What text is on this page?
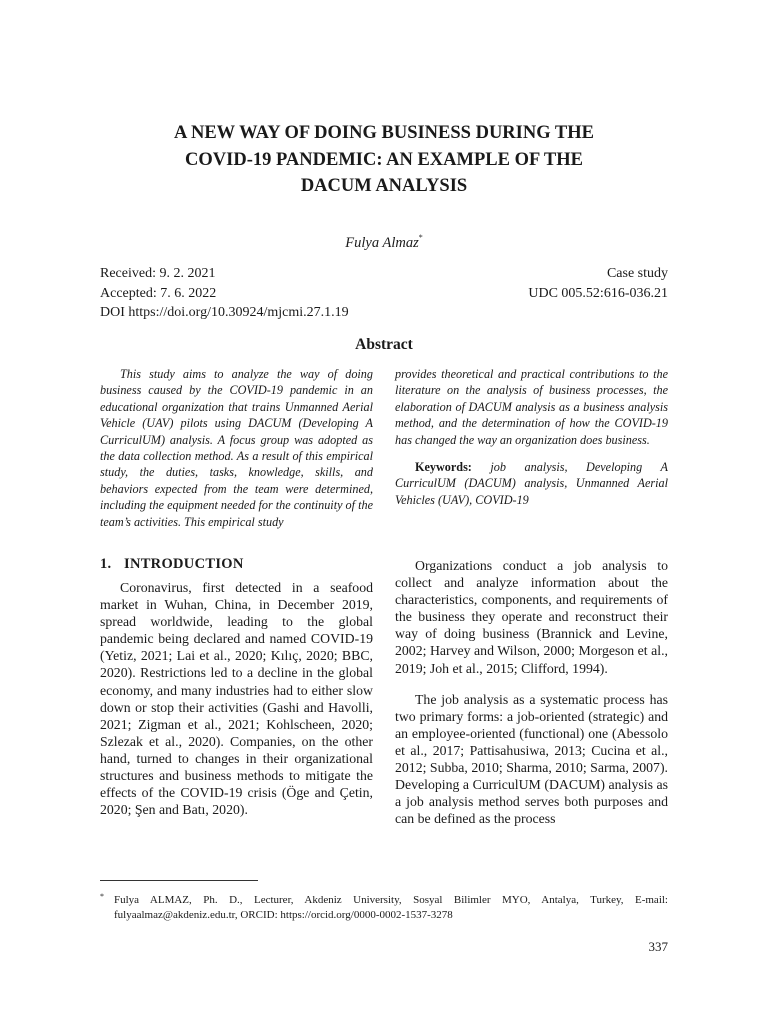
A NEW WAY OF DOING BUSINESS DURING THE
COVID-19 PANDEMIC: AN EXAMPLE OF THE
DACUM ANALYSIS
Fulya Almaz*
Received: 9. 2. 2021
Accepted: 7. 6. 2022
DOI https://doi.org/10.30924/mjcmi.27.1.19
Case study
UDC 005.52:616-036.21
Abstract

This study aims to analyze the way of doing business caused by the COVID-19 pandemic in an educational organization that trains Unmanned Aerial Vehicle (UAV) pilots using DACUM (Developing A CurriculUM) analysis. A focus group was adopted as the data collection method. As a result of this empirical study, the duties, tasks, knowledge, skills, and behaviors expected from the team were determined, including the equipment needed for the continuity of the team’s activities. This empirical study

provides theoretical and practical contributions to the literature on the analysis of business processes, the elaboration of DACUM analysis as a business analysis method, and the determination of how the COVID-19 has changed the way an organization does business.

Keywords: job analysis, Developing A CurriculUM (DACUM) analysis, Unmanned Aerial Vehicles (UAV), COVID-19

1. INTRODUCTION

Coronavirus, first detected in a seafood market in Wuhan, China, in December 2019, spread worldwide, leading to the global pandemic being declared and named COVID-19 (Yetiz, 2021; Lai et al., 2020; Kılıç, 2020; BBC, 2020). Restrictions led to a decline in the global economy, and many industries had to either slow down or stop their activities (Gashi and Havolli, 2021; Zigman et al., 2021; Kohlscheen, 2020; Szlezak et al., 2020). Companies, on the other hand, turned to changes in their organizational structures and business methods to mitigate the effects of the COVID-19 crisis (Öge and Çetin, 2020; Şen and Batı, 2020).

Organizations conduct a job analysis to collect and analyze information about the characteristics, components, and requirements of the business they operate and reconstruct their way of doing business (Brannick and Levine, 2002; Harvey and Wilson, 2000; Morgeson et al., 2019; Joh et al., 2015; Clifford, 1994).

The job analysis as a systematic process has two primary forms: a job-oriented (strategic) and an employee-oriented (functional) one (Abessolo et al., 2017; Pattisahusiwa, 2013; Cucina et al., 2012; Subba, 2010; Sharma, 2010; Sarma, 2007). Developing a CurriculUM (DACUM) analysis as a job analysis method serves both purposes and can be defined as the process

* Fulya ALMAZ, Ph. D., Lecturer, Akdeniz University, Sosyal Bilimler MYO, Antalya, Turkey, E-mail: fulyaalmaz@akdeniz.edu.tr, ORCID: https://orcid.org/0000-0002-1537-3278

337
